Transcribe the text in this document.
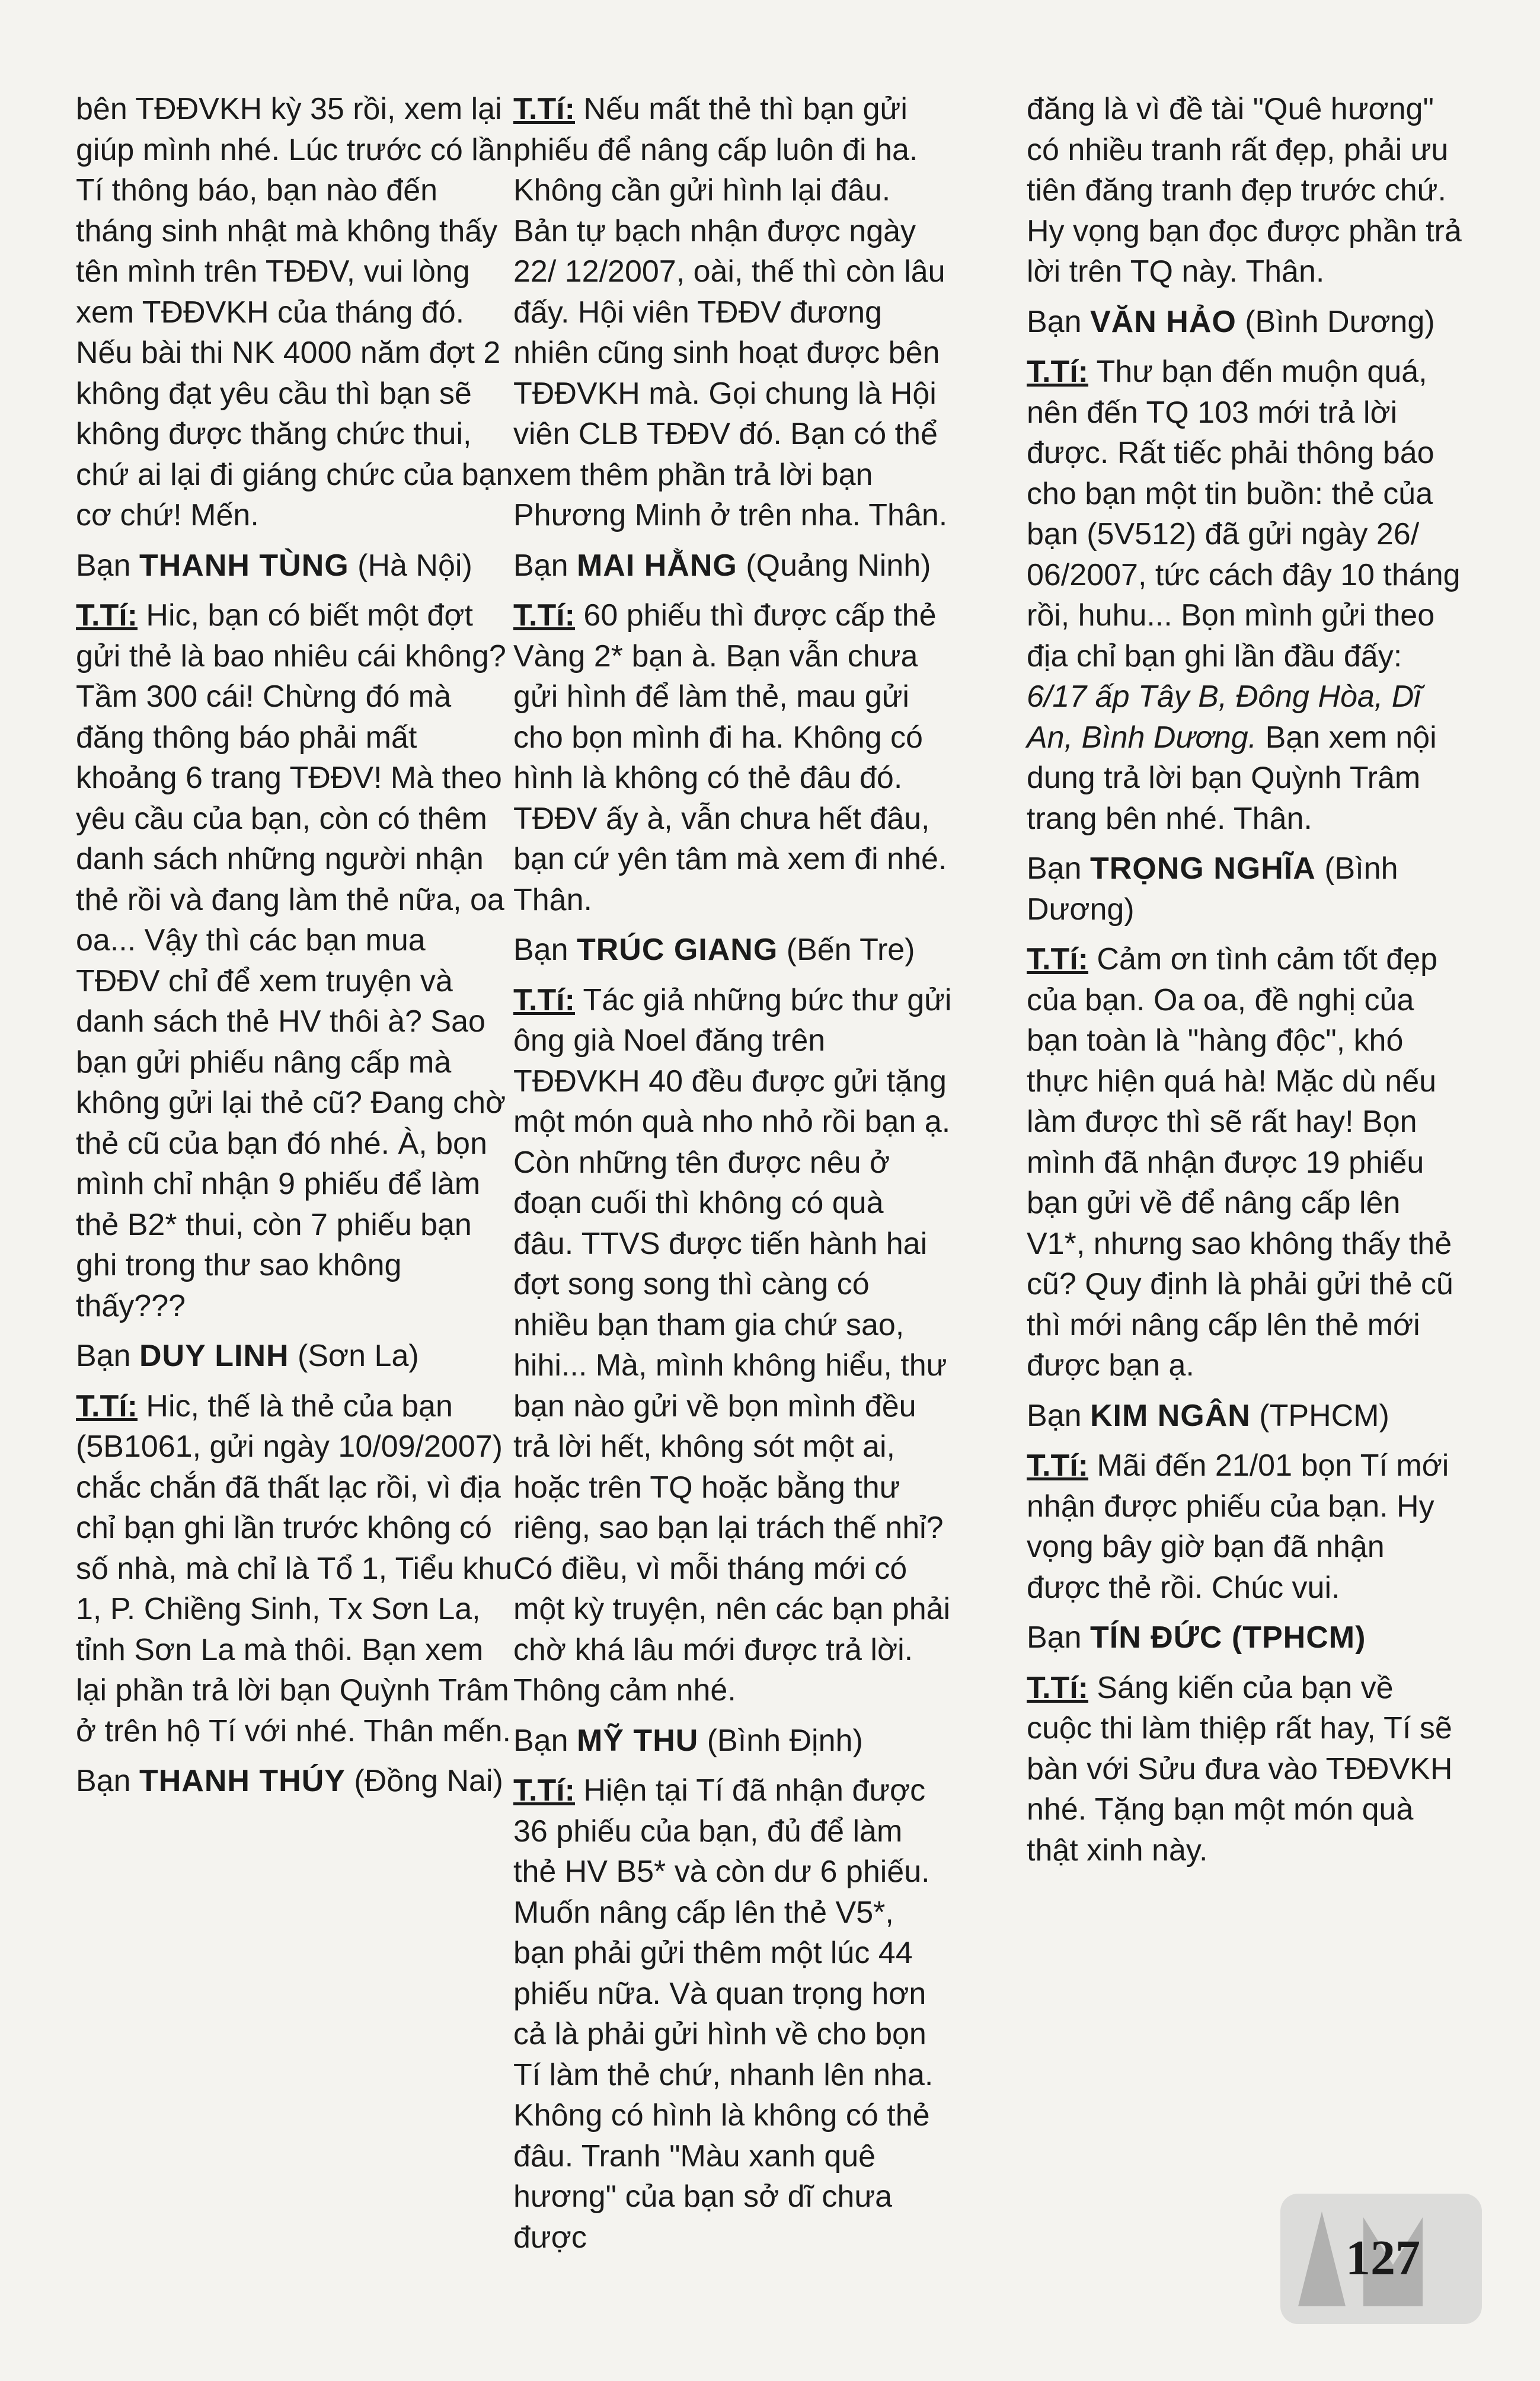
bên TĐĐVKH kỳ 35 rồi, xem lại giúp mình nhé. Lúc trước có lần Tí thông báo, bạn nào đến tháng sinh nhật mà không thấy tên mình trên TĐĐV, vui lòng xem TĐĐVKH của tháng đó. Nếu bài thi NK 4000 năm đợt 2 không đạt yêu cầu thì bạn sẽ không được thăng chức thui, chứ ai lại đi giáng chức của bạn cơ chứ! Mến.

Bạn THANH TÙNG (Hà Nội)

T.Tí: Hic, bạn có biết một đợt gửi thẻ là bao nhiêu cái không? Tầm 300 cái! Chừng đó mà đăng thông báo phải mất khoảng 6 trang TĐĐV! Mà theo yêu cầu của bạn, còn có thêm danh sách những người nhận thẻ rồi và đang làm thẻ nữa, oa oa... Vậy thì các bạn mua TĐĐV chỉ để xem truyện và danh sách thẻ HV thôi à? Sao bạn gửi phiếu nâng cấp mà không gửi lại thẻ cũ? Đang chờ thẻ cũ của bạn đó nhé. À, bọn mình chỉ nhận 9 phiếu để làm thẻ B2* thui, còn 7 phiếu bạn ghi trong thư sao không thấy???

Bạn DUY LINH (Sơn La)

T.Tí: Hic, thế là thẻ của bạn (5B1061, gửi ngày 10/09/2007) chắc chắn đã thất lạc rồi, vì địa chỉ bạn ghi lần trước không có số nhà, mà chỉ là Tổ 1, Tiểu khu 1, P. Chiềng Sinh, Tx Sơn La, tỉnh Sơn La mà thôi. Bạn xem lại phần trả lời bạn Quỳnh Trâm ở trên hộ Tí với nhé. Thân mến.

Bạn THANH THÚY (Đồng Nai)

T.Tí: Nếu mất thẻ thì bạn gửi phiếu để nâng cấp luôn đi ha. Không cần gửi hình lại đâu. Bản tự bạch nhận được ngày 22/ 12/2007, oài, thế thì còn lâu đấy. Hội viên TĐĐV đương nhiên cũng sinh hoạt được bên TĐĐVKH mà. Gọi chung là Hội viên CLB TĐĐV đó. Bạn có thể xem thêm phần trả lời bạn Phương Minh ở trên nha. Thân.

Bạn MAI HẰNG (Quảng Ninh)

T.Tí: 60 phiếu thì được cấp thẻ Vàng 2* bạn à. Bạn vẫn chưa gửi hình để làm thẻ, mau gửi cho bọn mình đi ha. Không có hình là không có thẻ đâu đó. TĐĐV ấy à, vẫn chưa hết đâu, bạn cứ yên tâm mà xem đi nhé. Thân.

Bạn TRÚC GIANG (Bến Tre)

T.Tí: Tác giả những bức thư gửi ông già Noel đăng trên TĐĐVKH 40 đều được gửi tặng một món quà nho nhỏ rồi bạn ạ. Còn những tên được nêu ở đoạn cuối thì không có quà đâu. TTVS được tiến hành hai đợt song song thì càng có nhiều bạn tham gia chứ sao, hihi... Mà, mình không hiểu, thư bạn nào gửi về bọn mình đều trả lời hết, không sót một ai, hoặc trên TQ hoặc bằng thư riêng, sao bạn lại trách thế nhỉ? Có điều, vì mỗi tháng mới có một kỳ truyện, nên các bạn phải chờ khá lâu mới được trả lời. Thông cảm nhé.

Bạn MỸ THU (Bình Định)

T.Tí: Hiện tại Tí đã nhận được 36 phiếu của bạn, đủ để làm thẻ HV B5* và còn dư 6 phiếu. Muốn nâng cấp lên thẻ V5*, bạn phải gửi thêm một lúc 44 phiếu nữa. Và quan trọng hơn cả là phải gửi hình về cho bọn Tí làm thẻ chứ, nhanh lên nha. Không có hình là không có thẻ đâu. Tranh "Màu xanh quê hương" của bạn sở dĩ chưa được

đăng là vì đề tài "Quê hương" có nhiều tranh rất đẹp, phải ưu tiên đăng tranh đẹp trước chứ. Hy vọng bạn đọc được phần trả lời trên TQ này. Thân.

Bạn VĂN HẢO (Bình Dương)

T.Tí: Thư bạn đến muộn quá, nên đến TQ 103 mới trả lời được. Rất tiếc phải thông báo cho bạn một tin buồn: thẻ của bạn (5V512) đã gửi ngày 26/ 06/2007, tức cách đây 10 tháng rồi, huhu... Bọn mình gửi theo địa chỉ bạn ghi lần đầu đấy: 6/17 ấp Tây B, Đông Hòa, Dĩ An, Bình Dương. Bạn xem nội dung trả lời bạn Quỳnh Trâm trang bên nhé. Thân.

Bạn TRỌNG NGHĨA (Bình Dương)

T.Tí: Cảm ơn tình cảm tốt đẹp của bạn. Oa oa, đề nghị của bạn toàn là "hàng độc", khó thực hiện quá hà! Mặc dù nếu làm được thì sẽ rất hay! Bọn mình đã nhận được 19 phiếu bạn gửi về để nâng cấp lên V1*, nhưng sao không thấy thẻ cũ? Quy định là phải gửi thẻ cũ thì mới nâng cấp lên thẻ mới được bạn ạ.

Bạn KIM NGÂN (TPHCM)

T.Tí: Mãi đến 21/01 bọn Tí mới nhận được phiếu của bạn. Hy vọng bây giờ bạn đã nhận được thẻ rồi. Chúc vui.

Bạn TÍN ĐỨC (TPHCM)

T.Tí: Sáng kiến của bạn về cuộc thi làm thiệp rất hay, Tí sẽ bàn với Sửu đưa vào TĐĐVKH nhé. Tặng bạn một món quà thật xinh này.

127
